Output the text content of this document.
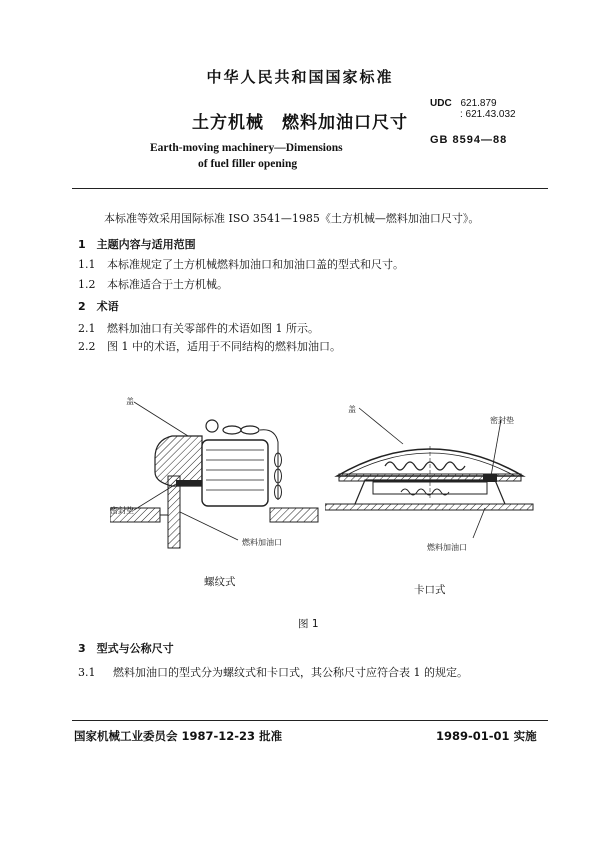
中华人民共和国国家标准
土方机械　燃料加油口尺寸
Earth-moving machinery—Dimensions
of fuel filler opening
UDC 621.879
: 621.43.032
GB 8594—88
本标准等效采用国际标准 ISO 3541—1985《土方机械—燃料加油口尺寸》。
1　主题内容与适用范围
1.1 本标准规定了土方机械燃料加油口和加油口盖的型式和尺寸。
1.2 本标准适合于土方机械。
2　术语
2.1 燃料加油口有关零部件的术语如图 1 所示。
2.2 图 1 中的术语，适用于不同结构的燃料加油口。
盖
密封垫
燃料加油口
螺纹式
盖
密封垫
燃料加油口
卡口式
图 1
3　型式与公称尺寸
3.1 燃料加油口的型式分为螺纹式和卡口式，其公称尺寸应符合表 1 的规定。
国家机械工业委员会 1987-12-23 批准	1989-01-01 实施
